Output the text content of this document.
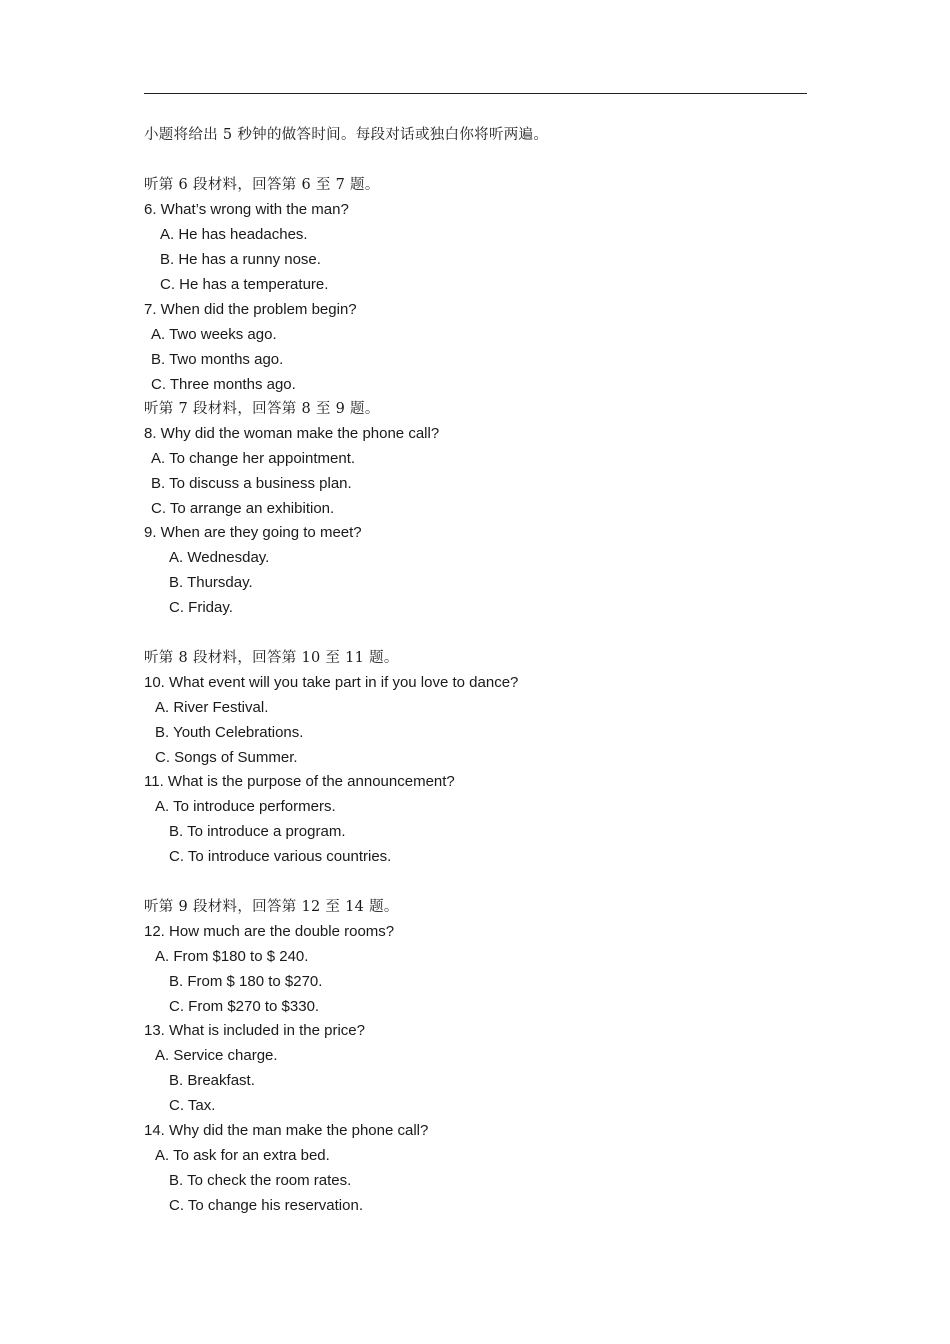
小题将给出 5 秒钟的做答时间。每段对话或独白你将听两遍。
听第 6 段材料，回答第 6 至 7 题。
6. What’s wrong with the man?
A. He has headaches.
B. He has a runny nose.
C. He has a temperature.
7. When did the problem begin?
A. Two weeks ago.
B. Two months ago.
C. Three months ago.
听第 7 段材料，回答第 8 至 9 题。
8. Why did the woman make the phone call?
A. To change her appointment.
B. To discuss a business plan.
C. To arrange an exhibition.
9. When are they going to meet?
A. Wednesday.
B. Thursday.
C. Friday.
听第 8 段材料，回答第 10 至 11 题。
10. What event will you take part in if you love to dance?
A. River Festival.
B. Youth Celebrations.
C. Songs of Summer.
11. What is the purpose of the announcement?
A. To introduce performers.
B. To introduce a program.
C. To introduce various countries.
听第 9 段材料，回答第 12 至 14 题。
12. How much are the double rooms?
A. From $180 to $ 240.
B. From $ 180 to $270.
C. From $270 to $330.
13. What is included in the price?
A. Service charge.
B. Breakfast.
C. Tax.
14. Why did the man make the phone call?
A. To ask for an extra bed.
B. To check the room rates.
C. To change his reservation.
